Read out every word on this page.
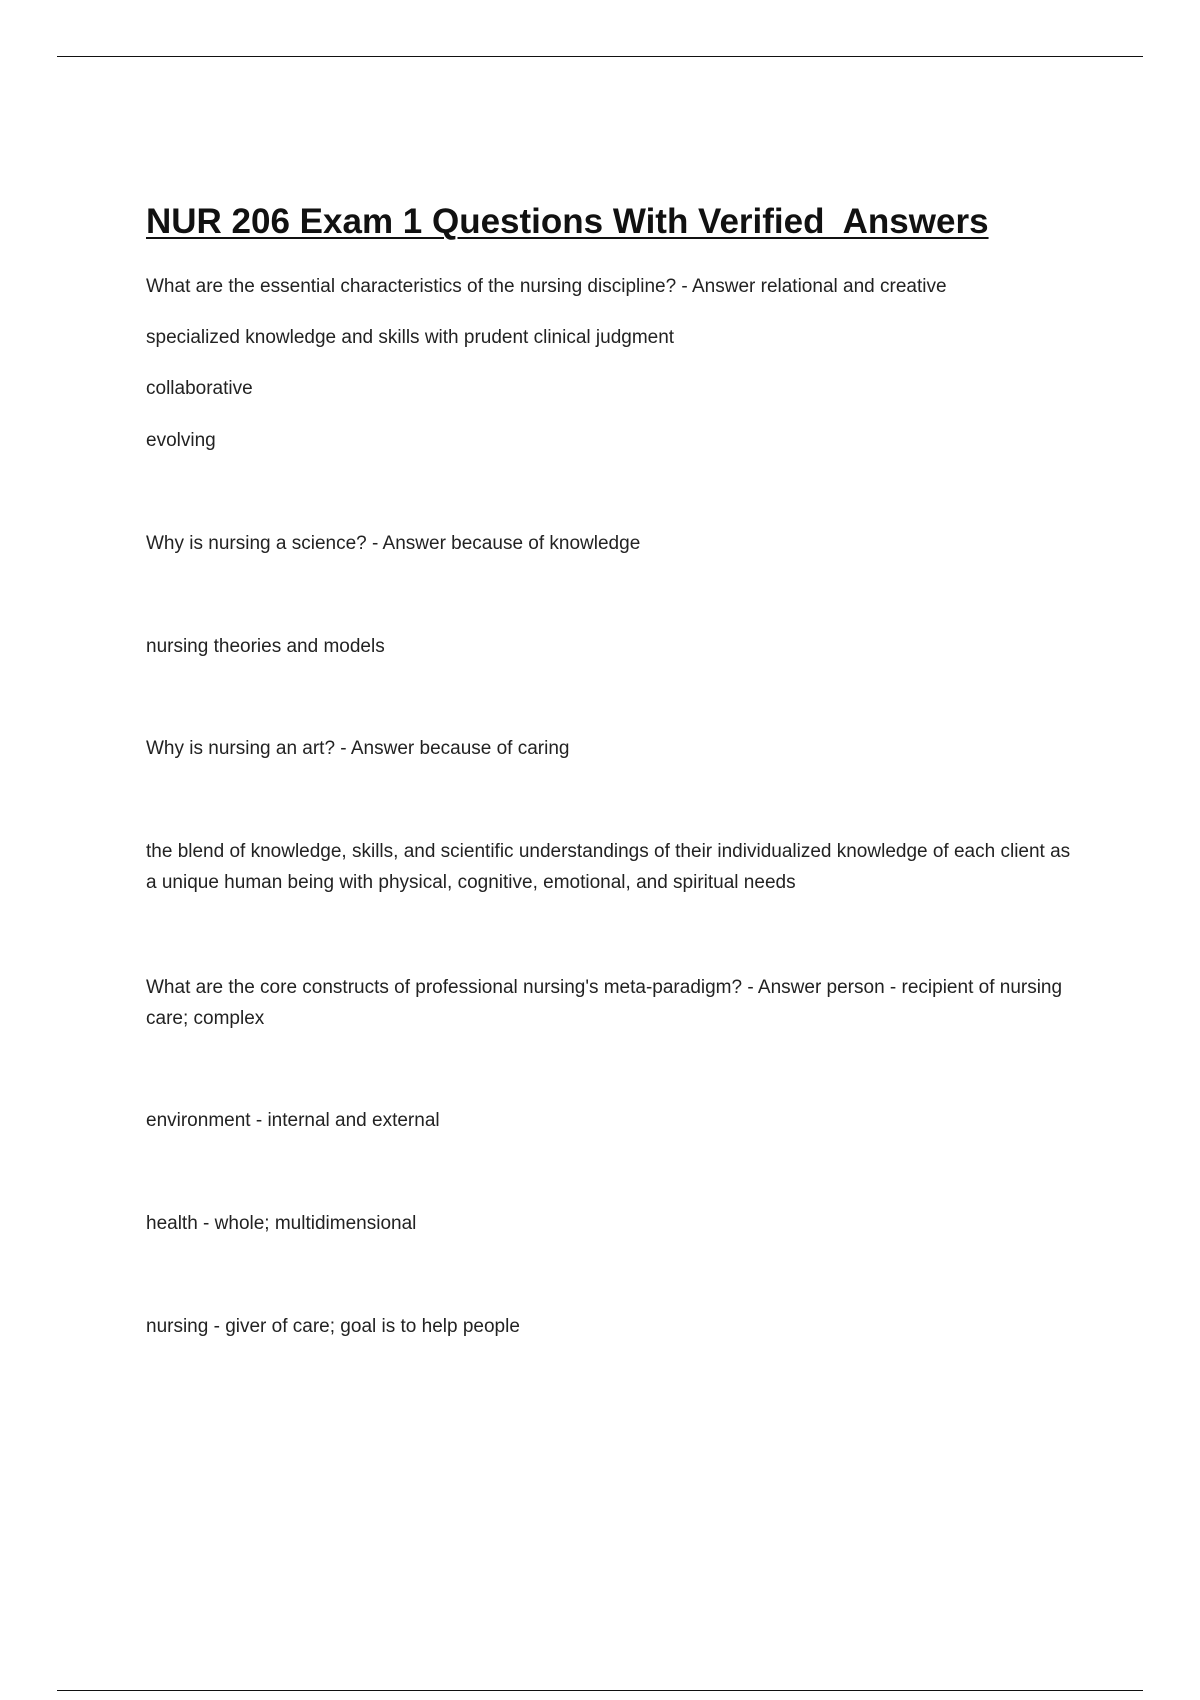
NUR 206 Exam 1 Questions With Verified  Answers

What are the essential characteristics of the nursing discipline? - Answer relational and creative

specialized knowledge and skills with prudent clinical judgment

collaborative

evolving

Why is nursing a science? - Answer because of knowledge

nursing theories and models

Why is nursing an art? - Answer because of caring

the blend of knowledge, skills, and scientific understandings of their individualized knowledge of each client as a unique human being with physical, cognitive, emotional, and spiritual needs

What are the core constructs of professional nursing's meta-paradigm? - Answer person - recipient of nursing care; complex

environment - internal and external

health - whole; multidimensional

nursing - giver of care; goal is to help people
